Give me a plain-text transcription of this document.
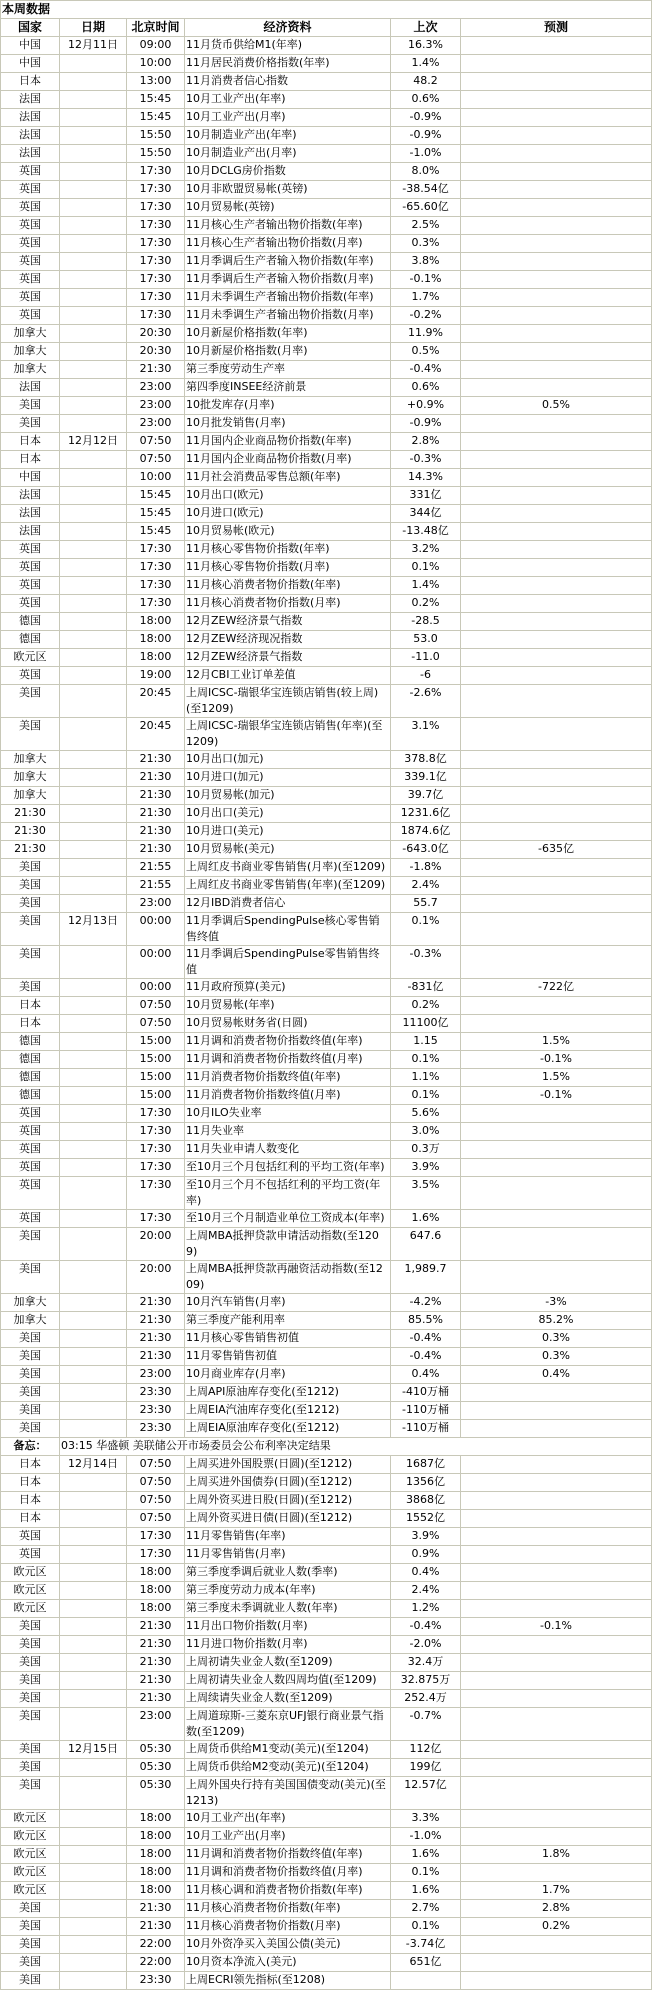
本周数据					
国家	日期	北京时间	经济资料	上次	预测
中国	12月11日	09:00	11月货币供给M1(年率)	16.3%	
中国		10:00	11月居民消费价格指数(年率)	1.4%	
日本		13:00	11月消费者信心指数	48.2	
法国		15:45	10月工业产出(年率)	0.6%	
法国		15:45	10月工业产出(月率)	-0.9%	
法国		15:50	10月制造业产出(年率)	-0.9%	
法国		15:50	10月制造业产出(月率)	-1.0%	
英国		17:30	10月DCLG房价指数	8.0%	
英国		17:30	10月非欧盟贸易帐(英镑)	-38.54亿	
英国		17:30	10月贸易帐(英镑)	-65.60亿	
英国		17:30	11月核心生产者输出物价指数(年率)	2.5%	
英国		17:30	11月核心生产者输出物价指数(月率)	0.3%	
英国		17:30	11月季调后生产者输入物价指数(年率)	3.8%	
英国		17:30	11月季调后生产者输入物价指数(月率)	-0.1%	
英国		17:30	11月未季调生产者输出物价指数(年率)	1.7%	
英国		17:30	11月未季调生产者输出物价指数(月率)	-0.2%	
加拿大		20:30	10月新屋价格指数(年率)	11.9%	
加拿大		20:30	10月新屋价格指数(月率)	0.5%	
加拿大		21:30	第三季度劳动生产率	-0.4%	
法国		23:00	第四季度INSEE经济前景	0.6%	
美国		23:00	10批发库存(月率)	+0.9%	0.5%
美国		23:00	10月批发销售(月率)	-0.9%	
日本	12月12日	07:50	11月国内企业商品物价指数(年率)	2.8%	
日本		07:50	11月国内企业商品物价指数(月率)	-0.3%	
中国		10:00	11月社会消费品零售总额(年率)	14.3%	
法国		15:45	10月出口(欧元)	331亿	
法国		15:45	10月进口(欧元)	344亿	
法国		15:45	10月贸易帐(欧元)	-13.48亿	
英国		17:30	11月核心零售物价指数(年率)	3.2%	
英国		17:30	11月核心零售物价指数(月率)	0.1%	
英国		17:30	11月核心消费者物价指数(年率)	1.4%	
英国		17:30	11月核心消费者物价指数(月率)	0.2%	
德国		18:00	12月ZEW经济景气指数	-28.5	
德国		18:00	12月ZEW经济现况指数	53.0	
欧元区		18:00	12月ZEW经济景气指数	-11.0	
英国		19:00	12月CBI工业订单差值	-6	
美国		20:45	上周ICSC-瑞银华宝连锁店销售(较上周)(至1209)	-2.6%	
美国		20:45	上周ICSC-瑞银华宝连锁店销售(年率)(至1209)	3.1%	
加拿大		21:30	10月出口(加元)	378.8亿	
加拿大		21:30	10月进口(加元)	339.1亿	
加拿大		21:30	10月贸易帐(加元)	39.7亿	
21:30		21:30	10月出口(美元)	1231.6亿	
21:30		21:30	10月进口(美元)	1874.6亿	
21:30		21:30	10月贸易帐(美元)	-643.0亿	-635亿
美国		21:55	上周红皮书商业零售销售(月率)(至1209)	-1.8%	
美国		21:55	上周红皮书商业零售销售(年率)(至1209)	2.4%	
美国		23:00	12月IBD消费者信心	55.7	
美国	12月13日	00:00	11月季调后SpendingPulse核心零售销售终值	0.1%	
美国		00:00	11月季调后SpendingPulse零售销售终值	-0.3%	
美国		00:00	11月政府预算(美元)	-831亿	-722亿
日本		07:50	10月贸易帐(年率)	0.2%	
日本		07:50	10月贸易帐财务省(日圆)	11100亿	
德国		15:00	11月调和消费者物价指数终值(年率)	1.15	1.5%
德国		15:00	11月调和消费者物价指数终值(月率)	0.1%	-0.1%
德国		15:00	11月消费者物价指数终值(年率)	1.1%	1.5%
德国		15:00	11月消费者物价指数终值(月率)	0.1%	-0.1%
英国		17:30	10月ILO失业率	5.6%	
英国		17:30	11月失业率	3.0%	
英国		17:30	11月失业申请人数变化	0.3万	
英国		17:30	至10月三个月包括红利的平均工资(年率)	3.9%	
英国		17:30	至10月三个月不包括红利的平均工资(年率)	3.5%	
英国		17:30	至10月三个月制造业单位工资成本(年率)	1.6%	
美国		20:00	上周MBA抵押贷款申请活动指数(至1209)	647.6	
美国		20:00	上周MBA抵押贷款再融资活动指数(至1209)	1,989.7	
加拿大		21:30	10月汽车销售(月率)	-4.2%	-3%
加拿大		21:30	第三季度产能利用率	85.5%	85.2%
美国		21:30	11月核心零售销售初值	-0.4%	0.3%
美国		21:30	11月零售销售初值	-0.4%	0.3%
美国		23:00	10月商业库存(月率)	0.4%	0.4%
美国		23:30	上周API原油库存变化(至1212)	-410万桶	
美国		23:30	上周EIA汽油库存变化(至1212)	-110万桶	
美国		23:30	上周EIA原油库存变化(至1212)	-110万桶	
备忘：	03:15 华盛顿 美联储公开市场委员会公布利率决定结果				
日本	12月14日	07:50	上周买进外国股票(日圆)(至1212)	1687亿	
日本		07:50	上周买进外国债券(日圆)(至1212)	1356亿	
日本		07:50	上周外资买进日股(日圆)(至1212)	3868亿	
日本		07:50	上周外资买进日债(日圆)(至1212)	1552亿	
英国		17:30	11月零售销售(年率)	3.9%	
英国		17:30	11月零售销售(月率)	0.9%	
欧元区		18:00	第三季度季调后就业人数(季率)	0.4%	
欧元区		18:00	第三季度劳动力成本(年率)	2.4%	
欧元区		18:00	第三季度未季调就业人数(年率)	1.2%	
美国		21:30	11月出口物价指数(月率)	-0.4%	-0.1%
美国		21:30	11月进口物价指数(月率)	-2.0%	
美国		21:30	上周初请失业金人数(至1209)	32.4万	
美国		21:30	上周初请失业金人数四周均值(至1209)	32.875万	
美国		21:30	上周续请失业金人数(至1209)	252.4万	
美国		23:00	上周道琼斯-三菱东京UFJ银行商业景气指数(至1209)	-0.7%	
美国	12月15日	05:30	上周货币供给M1变动(美元)(至1204)	112亿	
美国		05:30	上周货币供给M2变动(美元)(至1204)	199亿	
美国		05:30	上周外国央行持有美国国债变动(美元)(至1213)	12.57亿	
欧元区		18:00	10月工业产出(年率)	3.3%	
欧元区		18:00	10月工业产出(月率)	-1.0%	
欧元区		18:00	11月调和消费者物价指数终值(年率)	1.6%	1.8%
欧元区		18:00	11月调和消费者物价指数终值(月率)	0.1%	
欧元区		18:00	11月核心调和消费者物价指数(年率)	1.6%	1.7%
美国		21:30	11月核心消费者物价指数(年率)	2.7%	2.8%
美国		21:30	11月核心消费者物价指数(月率)	0.1%	0.2%
美国		22:00	10月外资净买入美国公债(美元)	-3.74亿	
美国		22:00	10月资本净流入(美元)	651亿	
美国		23:30	上周ECRI领先指标(至1208)		
